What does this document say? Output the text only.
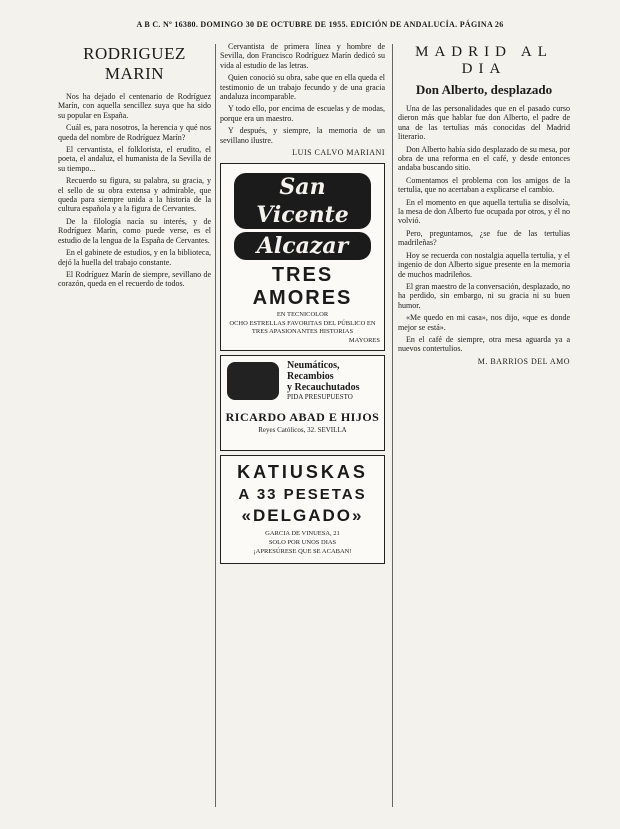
A B C. Nº 16380. DOMINGO 30 DE OCTUBRE DE 1955. EDICIÓN DE ANDALUCÍA. PÁGINA 26
RODRIGUEZ MARIN

Nos ha dejado el centenario de Rodríguez Marín, con aquella sencillez suya que ha sido su popular en España.

Cuál es, para nosotros, la herencia y qué nos queda del nombre de Rodríguez Marín?

El cervantista, el folklorista, el erudito, el poeta, el andaluz, el humanista de la Sevilla de su tiempo...

Recuerdo su figura, su palabra, su gracia, y el sello de su obra extensa y admirable, que queda para siempre unida a la historia de la cultura española y a la figura de Cervantes.

De la filología nacía su interés, y de Rodríguez Marín, como puede verse, es el estudio de la lengua de la España de Cervantes.

En el gabinete de estudios, y en la biblioteca, dejó la huella del trabajo constante.

El Rodríguez Marín de siempre, sevillano de corazón, queda en el recuerdo de todos.

Cervantista de primera línea y hombre de Sevilla, don Francisco Rodríguez Marín dedicó su vida al estudio de las letras.

Quien conoció su obra, sabe que en ella queda el testimonio de un trabajo fecundo y de una gracia andaluza incomparable.

Y todo ello, por encima de escuelas y de modas, porque era un maestro.

Y después, y siempre, la memoria de un sevillano ilustre.

LUIS CALVO MARIANI
San Vicente
Alcazar
TRES AMORES
EN TECNICOLOR
OCHO ESTRELLAS FAVORITAS DEL PÚBLICO EN TRES APASIONANTES HISTORIAS
MAYORES
Neumáticos, Recambios
y Recauchutados
PIDA PRESUPUESTO
RICARDO ABAD E HIJOS
Reyes Católicos, 32. SEVILLA
KATIUSKAS
A 33 PESETAS
«DELGADO»
GARCIA DE VINUESA, 21
SOLO POR UNOS DIAS
¡APRESÚRESE QUE SE ACABAN!
MADRID AL DIA
Don Alberto, desplazado

Una de las personalidades que en el pasado curso dieron más que hablar fue don Alberto, el padre de una de las tertulias más conocidas del Madrid literario.

Don Alberto había sido desplazado de su mesa, por obra de una reforma en el café, y desde entonces andaba buscando sitio.

Comentamos el problema con los amigos de la tertulia, que no acertaban a explicarse el cambio.

En el momento en que aquella tertulia se disolvía, la mesa de don Alberto fue ocupada por otros, y él no volvió.

Pero, preguntamos, ¿se fue de las tertulias madrileñas?

Hoy se recuerda con nostalgia aquella tertulia, y el ingenio de don Alberto sigue presente en la memoria de muchos madrileños.

El gran maestro de la conversación, desplazado, no ha perdido, sin embargo, ni su gracia ni su buen humor.

«Me quedo en mi casa», nos dijo, «que es donde mejor se está».

En el café de siempre, otra mesa aguarda ya a nuevos contertulios.

M. BARRIOS DEL AMO
